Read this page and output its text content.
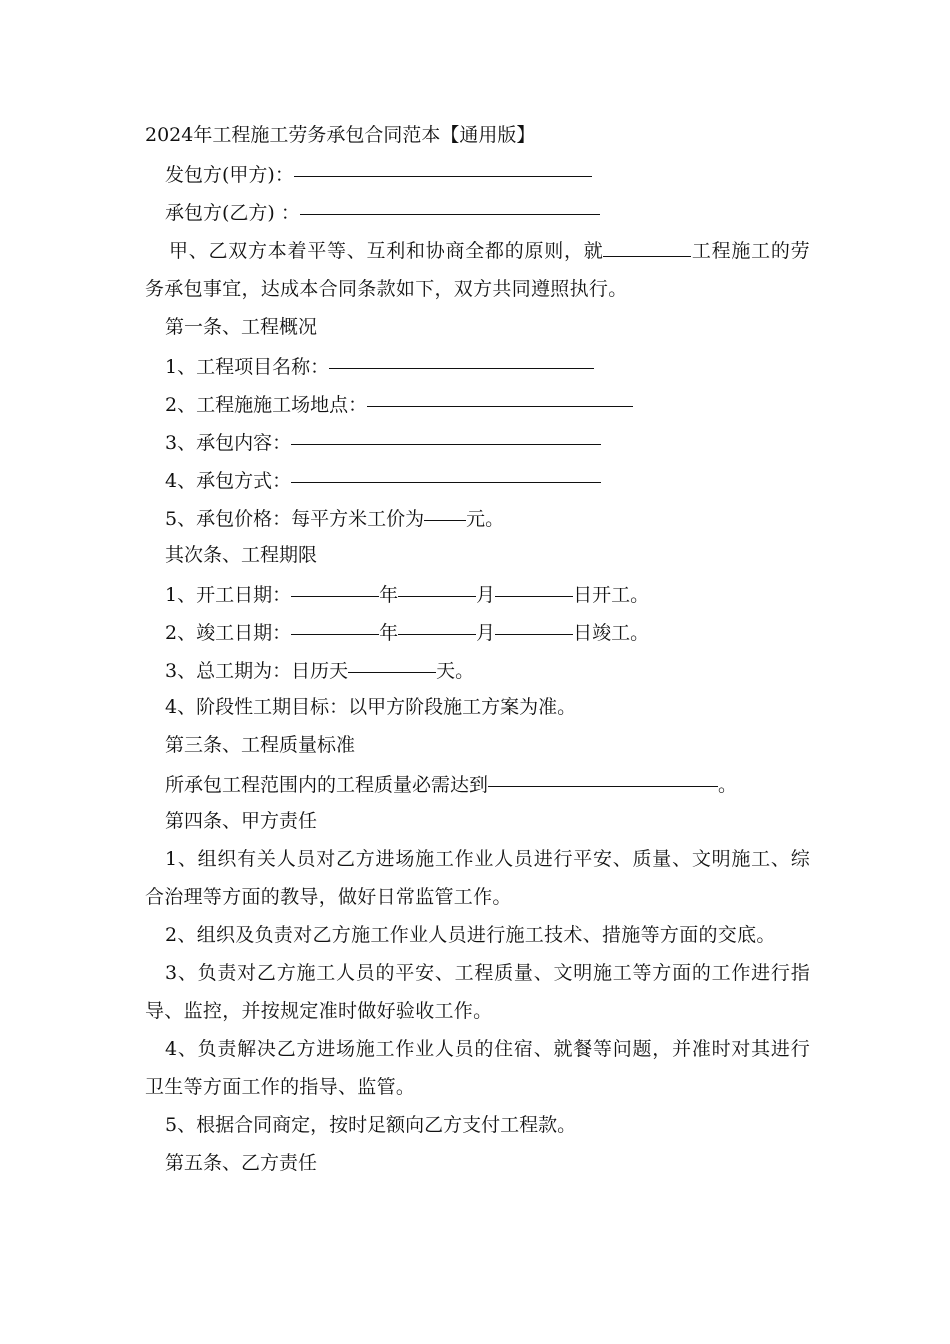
2024年工程施工劳务承包合同范本【通用版】
发包方(甲方)：
承包方(乙方) ：
甲、乙双方本着平等、互利和协商全都的原则，就	工程施工的劳务承包事宜，达成本合同条款如下，双方共同遵照执行。
第一条、工程概况
1、工程项目名称：
2、工程施施工场地点：
3、承包内容：
4、承包方式：
5、承包价格：每平方米工价为 元。
其次条、工程期限
1、开工日期：	年	月	日开工。
2、竣工日期：	年	月	日竣工。
3、总工期为：日历天	天。
4、阶段性工期目标：以甲方阶段施工方案为准。
第三条、工程质量标准
所承包工程范围内的工程质量必需达到	。
第四条、甲方责任
1、组织有关人员对乙方进场施工作业人员进行平安、质量、文明施工、综合治理等方面的教导，做好日常监管工作。
2、组织及负责对乙方施工作业人员进行施工技术、措施等方面的交底。
3、负责对乙方施工人员的平安、工程质量、文明施工等方面的工作进行指导、监控，并按规定准时做好验收工作。
4、负责解决乙方进场施工作业人员的住宿、就餐等问题，并准时对其进行卫生等方面工作的指导、监管。
5、根据合同商定，按时足额向乙方支付工程款。
第五条、乙方责任
